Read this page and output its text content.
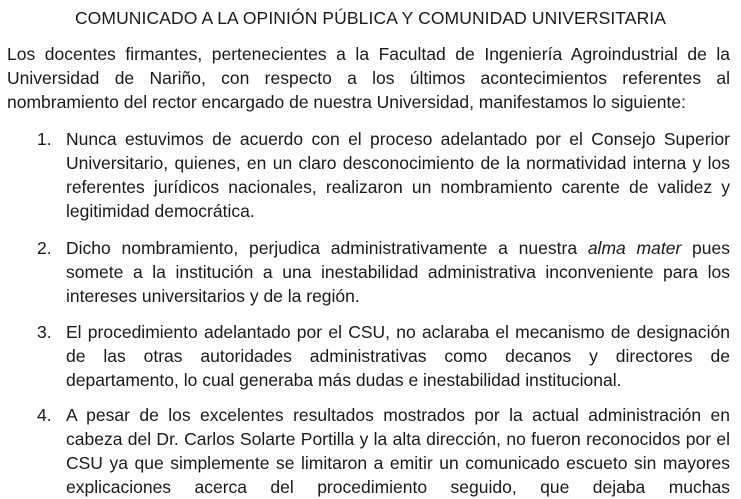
COMUNICADO A LA OPINIÓN PÚBLICA Y COMUNIDAD UNIVERSITARIA

Los docentes firmantes, pertenecientes a la Facultad de Ingeniería Agroindustrial de la Universidad de Nariño, con respecto a los últimos acontecimientos referentes al nombramiento del rector encargado de nuestra Universidad, manifestamos lo siguiente:

1. Nunca estuvimos de acuerdo con el proceso adelantado por el Consejo Superior Universitario, quienes, en un claro desconocimiento de la normatividad interna y los referentes jurídicos nacionales, realizaron un nombramiento carente de validez y legitimidad democrática.
2. Dicho nombramiento, perjudica administrativamente a nuestra alma mater pues somete a la institución a una inestabilidad administrativa inconveniente para los intereses universitarios y de la región.
3. El procedimiento adelantado por el CSU, no aclaraba el mecanismo de designación de las otras autoridades administrativas como decanos y directores de departamento, lo cual generaba más dudas e inestabilidad institucional.
4. A pesar de los excelentes resultados mostrados por la actual administración en cabeza del Dr. Carlos Solarte Portilla y la alta dirección, no fueron reconocidos por el CSU ya que simplemente se limitaron a emitir un comunicado escueto sin mayores explicaciones acerca del procedimiento seguido, que dejaba muchas
